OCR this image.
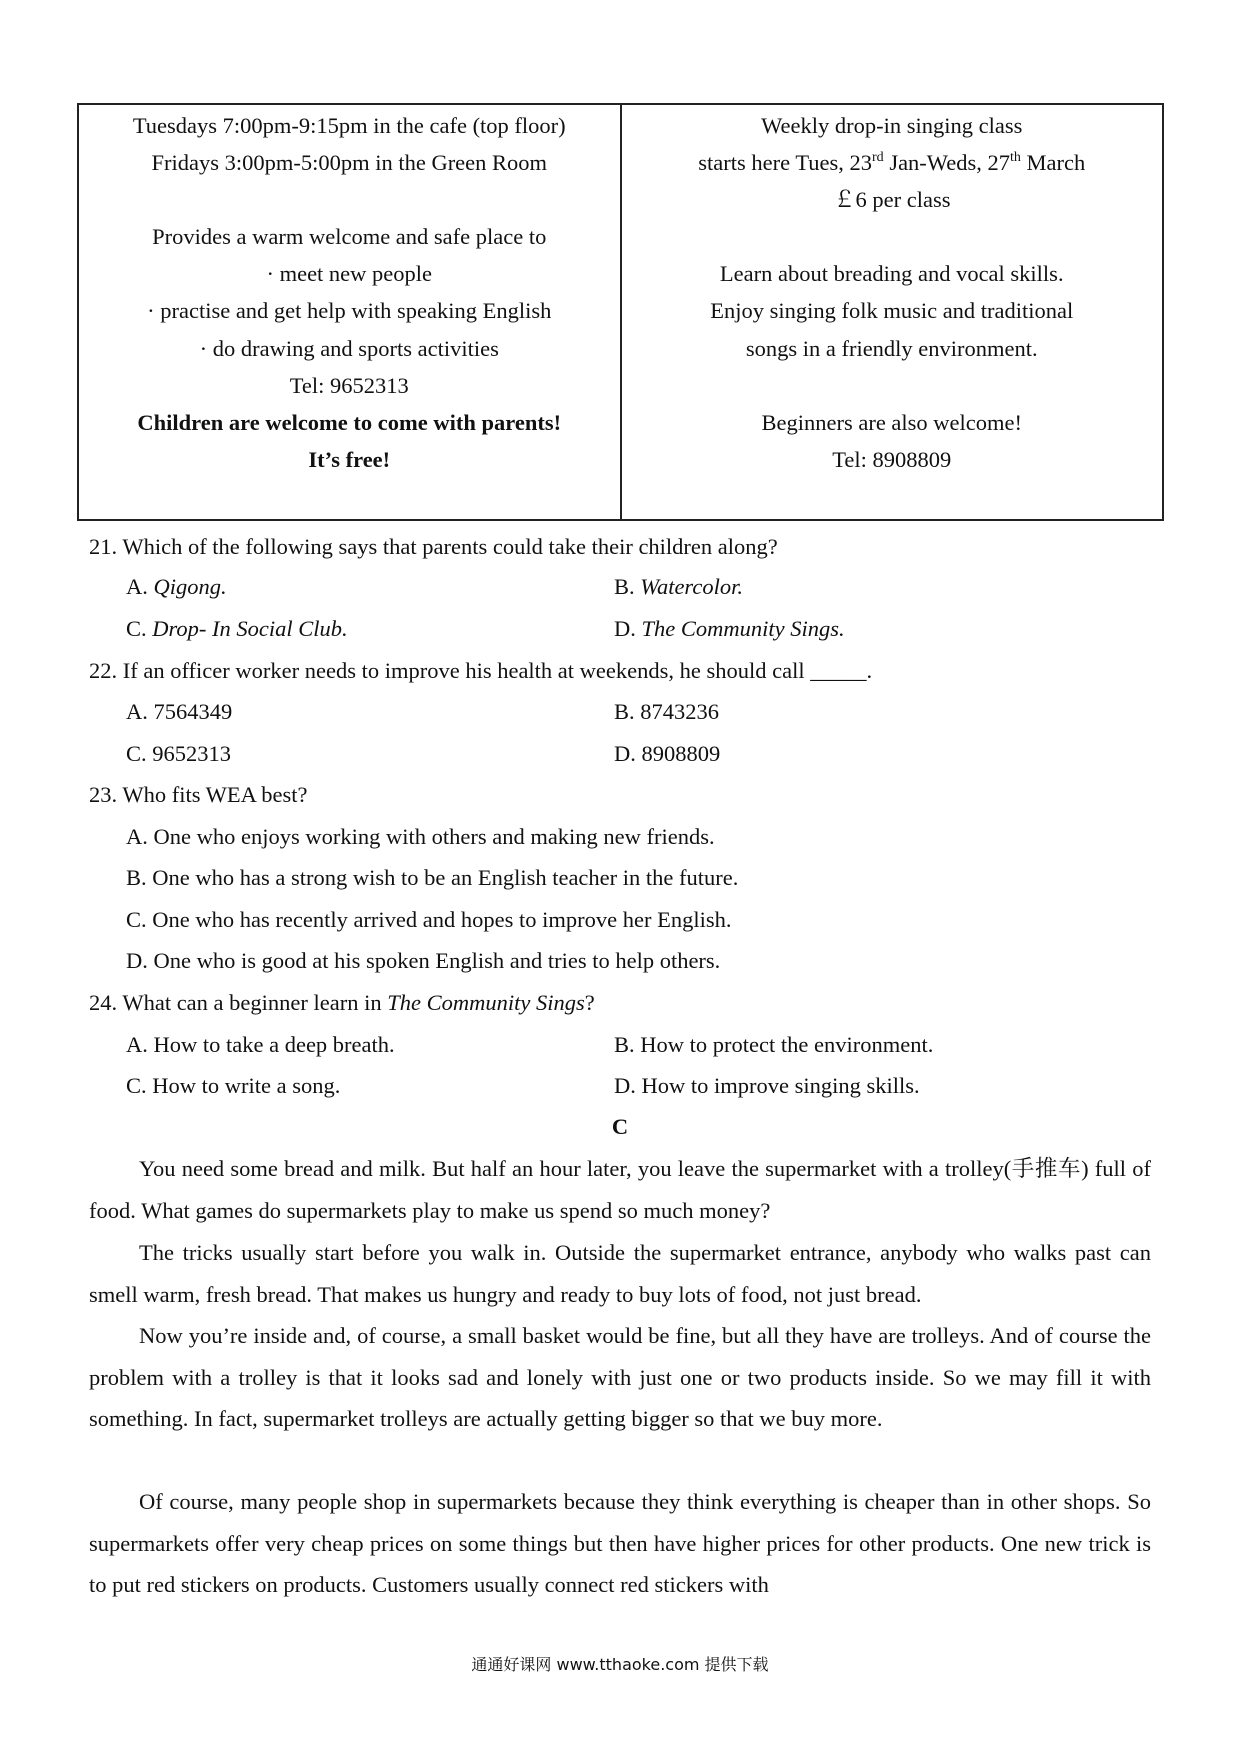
Tuesdays 7:00pm-9:15pm in the cafe (top floor)
Fridays 3:00pm-5:00pm in the Green Room
Provides a warm welcome and safe place to
· meet new people
· practise and get help with speaking English
· do drawing and sports activities
Tel: 9652313
Children are welcome to come with parents!
It’s free!
Weekly drop-in singing class
starts here Tues, 23rd Jan-Weds, 27th March
￡6 per class
Learn about breading and vocal skills.
Enjoy singing folk music and traditional
songs in a friendly environment.
Beginners are also welcome!
Tel: 8908809
21. Which of the following says that parents could take their children along?
A. Qigong.	B. Watercolor.
C. Drop- In Social Club.	D. The Community Sings.
22. If an officer worker needs to improve his health at weekends, he should call _____.
A. 7564349	B. 8743236
C. 9652313	D. 8908809
23. Who fits WEA best?
A. One who enjoys working with others and making new friends.
B. One who has a strong wish to be an English teacher in the future.
C. One who has recently arrived and hopes to improve her English.
D. One who is good at his spoken English and tries to help others.
24. What can a beginner learn in The Community Sings?
A. How to take a deep breath.	B. How to protect the environment.
C. How to write a song.	D. How to improve singing skills.
C

You need some bread and milk. But half an hour later, you leave the supermarket with a trolley(手推车) full of food. What games do supermarkets play to make us spend so much money?

The tricks usually start before you walk in. Outside the supermarket entrance, anybody who walks past can smell warm, fresh bread. That makes us hungry and ready to buy lots of food, not just bread.

Now you’re inside and, of course, a small basket would be fine, but all they have are trolleys. And of course the problem with a trolley is that it looks sad and lonely with just one or two products inside. So we may fill it with something. In fact, supermarket trolleys are actually getting bigger so that we buy more.

Of course, many people shop in supermarkets because they think everything is cheaper than in other shops. So supermarkets offer very cheap prices on some things but then have higher prices for other products. One new trick is to put red stickers on products. Customers usually connect red stickers with

通通好课网 www.tthaoke.com 提供下载
